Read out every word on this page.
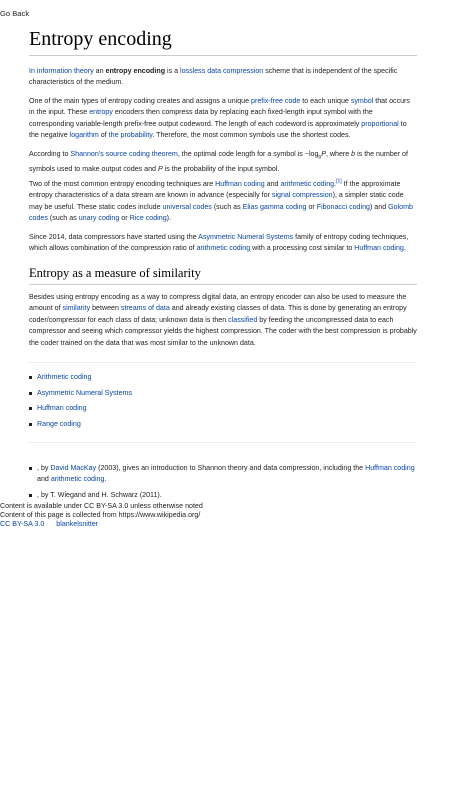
Go Back
Entropy encoding

In information theory an entropy encoding is a lossless data compression scheme that is independent of the specific characteristics of the medium.

One of the main types of entropy coding creates and assigns a unique prefix-free code to each unique symbol that occurs in the input. These entropy encoders then compress data by replacing each fixed-length input symbol with the corresponding variable-length prefix-free output codeword. The length of each codeword is approximately proportional to the negative logarithm of the probability. Therefore, the most common symbols use the shortest codes.

According to Shannon's source coding theorem, the optimal code length for a symbol is $-\log_bP$, where b is the number of symbols used to make output codes and P is the probability of the input symbol.

Two of the most common entropy encoding techniques are Huffman coding and arithmetic coding.[1] If the approximate entropy characteristics of a data stream are known in advance (especially for signal compression), a simpler static code may be useful. These static codes include universal codes (such as Elias gamma coding or Fibonacci coding) and Golomb codes (such as unary coding or Rice coding).

Since 2014, data compressors have started using the Asymmetric Numeral Systems family of entropy coding techniques, which allows combination of the compression ratio of arithmetic coding with a processing cost similar to Huffman coding.

Entropy as a measure of similarity

Besides using entropy encoding as a way to compress digital data, an entropy encoder can also be used to measure the amount of similarity between streams of data and already existing classes of data. This is done by generating an entropy coder/compressor for each class of data; unknown data is then classified by feeding the uncompressed data to each compressor and seeing which compressor yields the highest compression. The coder with the best compression is probably the coder trained on the data that was most similar to the unknown data.

Arithmetic coding
Asymmetric Numeral Systems
Huffman coding
Range coding
, by David MacKay (2003), gives an introduction to Shannon theory and data compression, including the Huffman coding and arithmetic coding.
, by T. Wiegand and H. Schwarz (2011).
Content is available under CC BY-SA 3.0 unless otherwise noted
Content of this page is collected from https://www.wikipedia.org/
CC BY-SA 3.0 blankelsnitter
